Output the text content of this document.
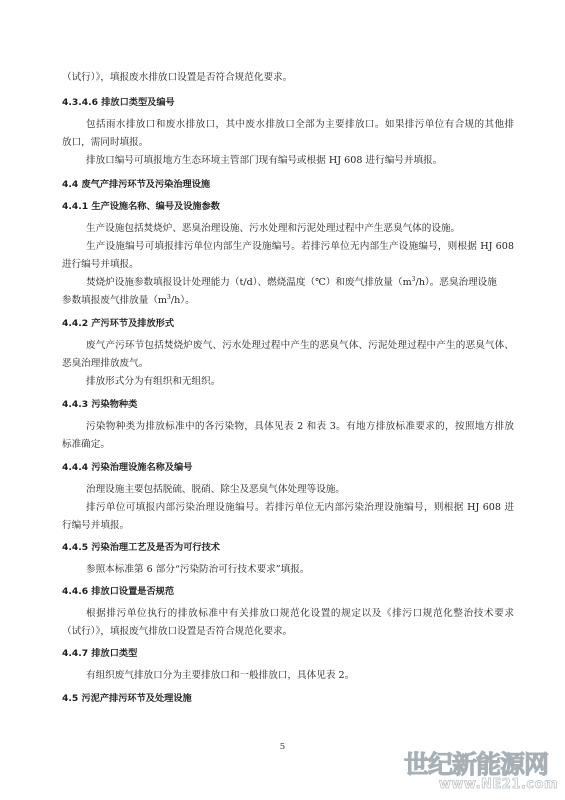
（试行）》，填报废水排放口设置是否符合规范化要求。
4.3.4.6 排放口类型及编号
包括雨水排放口和废水排放口，其中废水排放口全部为主要排放口。如果排污单位有合规的其他排
放口，需同时填报。
排放口编号可填报地方生态环境主管部门现有编号或根据 HJ 608 进行编号并填报。
4.4 废气产排污环节及污染治理设施
4.4.1 生产设施名称、编号及设施参数
生产设施包括焚烧炉、恶臭治理设施、污水处理和污泥处理过程中产生恶臭气体的设施。
生产设施编号可填报排污单位内部生产设施编号。若排污单位无内部生产设施编号，则根据 HJ 608
进行编号并填报。
焚烧炉设施参数填报设计处理能力（t/d）、燃烧温度（℃）和废气排放量$(m^3/h)$。恶臭治理设施
参数填报废气排放量$(m^3/h)$。
4.4.2 产污环节及排放形式
废气产污环节包括焚烧炉废气、污水处理过程中产生的恶臭气体、污泥处理过程中产生的恶臭气体、
恶臭治理排放废气。
排放形式分为有组织和无组织。
4.4.3 污染物种类
污染物种类为排放标准中的各污染物，具体见表 2 和表 3。有地方排放标准要求的，按照地方排放
标准确定。
4.4.4 污染治理设施名称及编号
治理设施主要包括脱硫、脱硝、除尘及恶臭气体处理等设施。
排污单位可填报内部污染治理设施编号。若排污单位无内部污染治理设施编号，则根据 HJ 608 进
行编号并填报。
4.4.5 污染治理工艺及是否为可行技术
参照本标准第 6 部分“污染防治可行技术要求”填报。
4.4.6 排放口设置是否规范
根据排污单位执行的排放标准中有关排放口规范化设置的规定以及《排污口规范化整治技术要求
（试行）》，填报废气排放口设置是否符合规范化要求。
4.4.7 排放口类型
有组织废气排放口分为主要排放口和一般排放口，具体见表 2。
4.5 污泥产排污环节及处理设施
5
世纪新能源网
www.NE21.com
